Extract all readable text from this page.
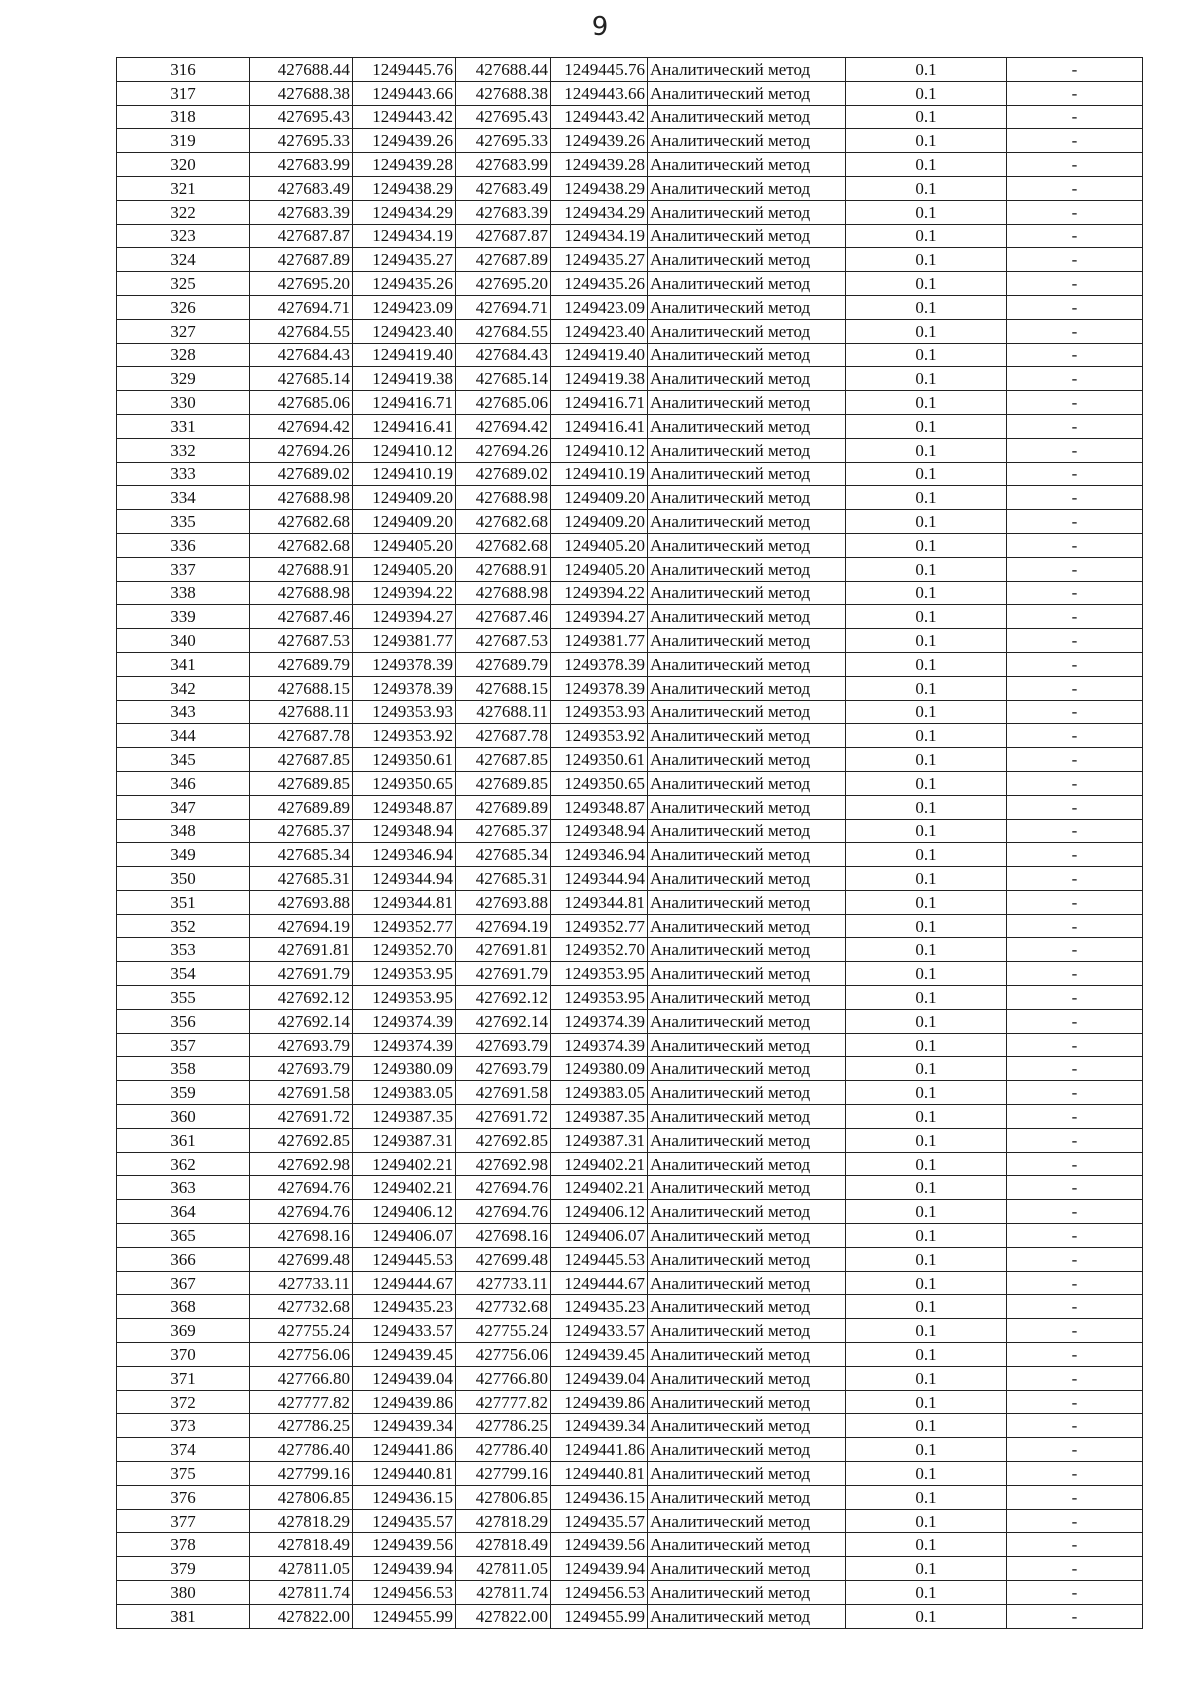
9
316	427688.44	1249445.76	427688.44	1249445.76	Аналитический метод	0.1	-
317	427688.38	1249443.66	427688.38	1249443.66	Аналитический метод	0.1	-
318	427695.43	1249443.42	427695.43	1249443.42	Аналитический метод	0.1	-
319	427695.33	1249439.26	427695.33	1249439.26	Аналитический метод	0.1	-
320	427683.99	1249439.28	427683.99	1249439.28	Аналитический метод	0.1	-
321	427683.49	1249438.29	427683.49	1249438.29	Аналитический метод	0.1	-
322	427683.39	1249434.29	427683.39	1249434.29	Аналитический метод	0.1	-
323	427687.87	1249434.19	427687.87	1249434.19	Аналитический метод	0.1	-
324	427687.89	1249435.27	427687.89	1249435.27	Аналитический метод	0.1	-
325	427695.20	1249435.26	427695.20	1249435.26	Аналитический метод	0.1	-
326	427694.71	1249423.09	427694.71	1249423.09	Аналитический метод	0.1	-
327	427684.55	1249423.40	427684.55	1249423.40	Аналитический метод	0.1	-
328	427684.43	1249419.40	427684.43	1249419.40	Аналитический метод	0.1	-
329	427685.14	1249419.38	427685.14	1249419.38	Аналитический метод	0.1	-
330	427685.06	1249416.71	427685.06	1249416.71	Аналитический метод	0.1	-
331	427694.42	1249416.41	427694.42	1249416.41	Аналитический метод	0.1	-
332	427694.26	1249410.12	427694.26	1249410.12	Аналитический метод	0.1	-
333	427689.02	1249410.19	427689.02	1249410.19	Аналитический метод	0.1	-
334	427688.98	1249409.20	427688.98	1249409.20	Аналитический метод	0.1	-
335	427682.68	1249409.20	427682.68	1249409.20	Аналитический метод	0.1	-
336	427682.68	1249405.20	427682.68	1249405.20	Аналитический метод	0.1	-
337	427688.91	1249405.20	427688.91	1249405.20	Аналитический метод	0.1	-
338	427688.98	1249394.22	427688.98	1249394.22	Аналитический метод	0.1	-
339	427687.46	1249394.27	427687.46	1249394.27	Аналитический метод	0.1	-
340	427687.53	1249381.77	427687.53	1249381.77	Аналитический метод	0.1	-
341	427689.79	1249378.39	427689.79	1249378.39	Аналитический метод	0.1	-
342	427688.15	1249378.39	427688.15	1249378.39	Аналитический метод	0.1	-
343	427688.11	1249353.93	427688.11	1249353.93	Аналитический метод	0.1	-
344	427687.78	1249353.92	427687.78	1249353.92	Аналитический метод	0.1	-
345	427687.85	1249350.61	427687.85	1249350.61	Аналитический метод	0.1	-
346	427689.85	1249350.65	427689.85	1249350.65	Аналитический метод	0.1	-
347	427689.89	1249348.87	427689.89	1249348.87	Аналитический метод	0.1	-
348	427685.37	1249348.94	427685.37	1249348.94	Аналитический метод	0.1	-
349	427685.34	1249346.94	427685.34	1249346.94	Аналитический метод	0.1	-
350	427685.31	1249344.94	427685.31	1249344.94	Аналитический метод	0.1	-
351	427693.88	1249344.81	427693.88	1249344.81	Аналитический метод	0.1	-
352	427694.19	1249352.77	427694.19	1249352.77	Аналитический метод	0.1	-
353	427691.81	1249352.70	427691.81	1249352.70	Аналитический метод	0.1	-
354	427691.79	1249353.95	427691.79	1249353.95	Аналитический метод	0.1	-
355	427692.12	1249353.95	427692.12	1249353.95	Аналитический метод	0.1	-
356	427692.14	1249374.39	427692.14	1249374.39	Аналитический метод	0.1	-
357	427693.79	1249374.39	427693.79	1249374.39	Аналитический метод	0.1	-
358	427693.79	1249380.09	427693.79	1249380.09	Аналитический метод	0.1	-
359	427691.58	1249383.05	427691.58	1249383.05	Аналитический метод	0.1	-
360	427691.72	1249387.35	427691.72	1249387.35	Аналитический метод	0.1	-
361	427692.85	1249387.31	427692.85	1249387.31	Аналитический метод	0.1	-
362	427692.98	1249402.21	427692.98	1249402.21	Аналитический метод	0.1	-
363	427694.76	1249402.21	427694.76	1249402.21	Аналитический метод	0.1	-
364	427694.76	1249406.12	427694.76	1249406.12	Аналитический метод	0.1	-
365	427698.16	1249406.07	427698.16	1249406.07	Аналитический метод	0.1	-
366	427699.48	1249445.53	427699.48	1249445.53	Аналитический метод	0.1	-
367	427733.11	1249444.67	427733.11	1249444.67	Аналитический метод	0.1	-
368	427732.68	1249435.23	427732.68	1249435.23	Аналитический метод	0.1	-
369	427755.24	1249433.57	427755.24	1249433.57	Аналитический метод	0.1	-
370	427756.06	1249439.45	427756.06	1249439.45	Аналитический метод	0.1	-
371	427766.80	1249439.04	427766.80	1249439.04	Аналитический метод	0.1	-
372	427777.82	1249439.86	427777.82	1249439.86	Аналитический метод	0.1	-
373	427786.25	1249439.34	427786.25	1249439.34	Аналитический метод	0.1	-
374	427786.40	1249441.86	427786.40	1249441.86	Аналитический метод	0.1	-
375	427799.16	1249440.81	427799.16	1249440.81	Аналитический метод	0.1	-
376	427806.85	1249436.15	427806.85	1249436.15	Аналитический метод	0.1	-
377	427818.29	1249435.57	427818.29	1249435.57	Аналитический метод	0.1	-
378	427818.49	1249439.56	427818.49	1249439.56	Аналитический метод	0.1	-
379	427811.05	1249439.94	427811.05	1249439.94	Аналитический метод	0.1	-
380	427811.74	1249456.53	427811.74	1249456.53	Аналитический метод	0.1	-
381	427822.00	1249455.99	427822.00	1249455.99	Аналитический метод	0.1	-
